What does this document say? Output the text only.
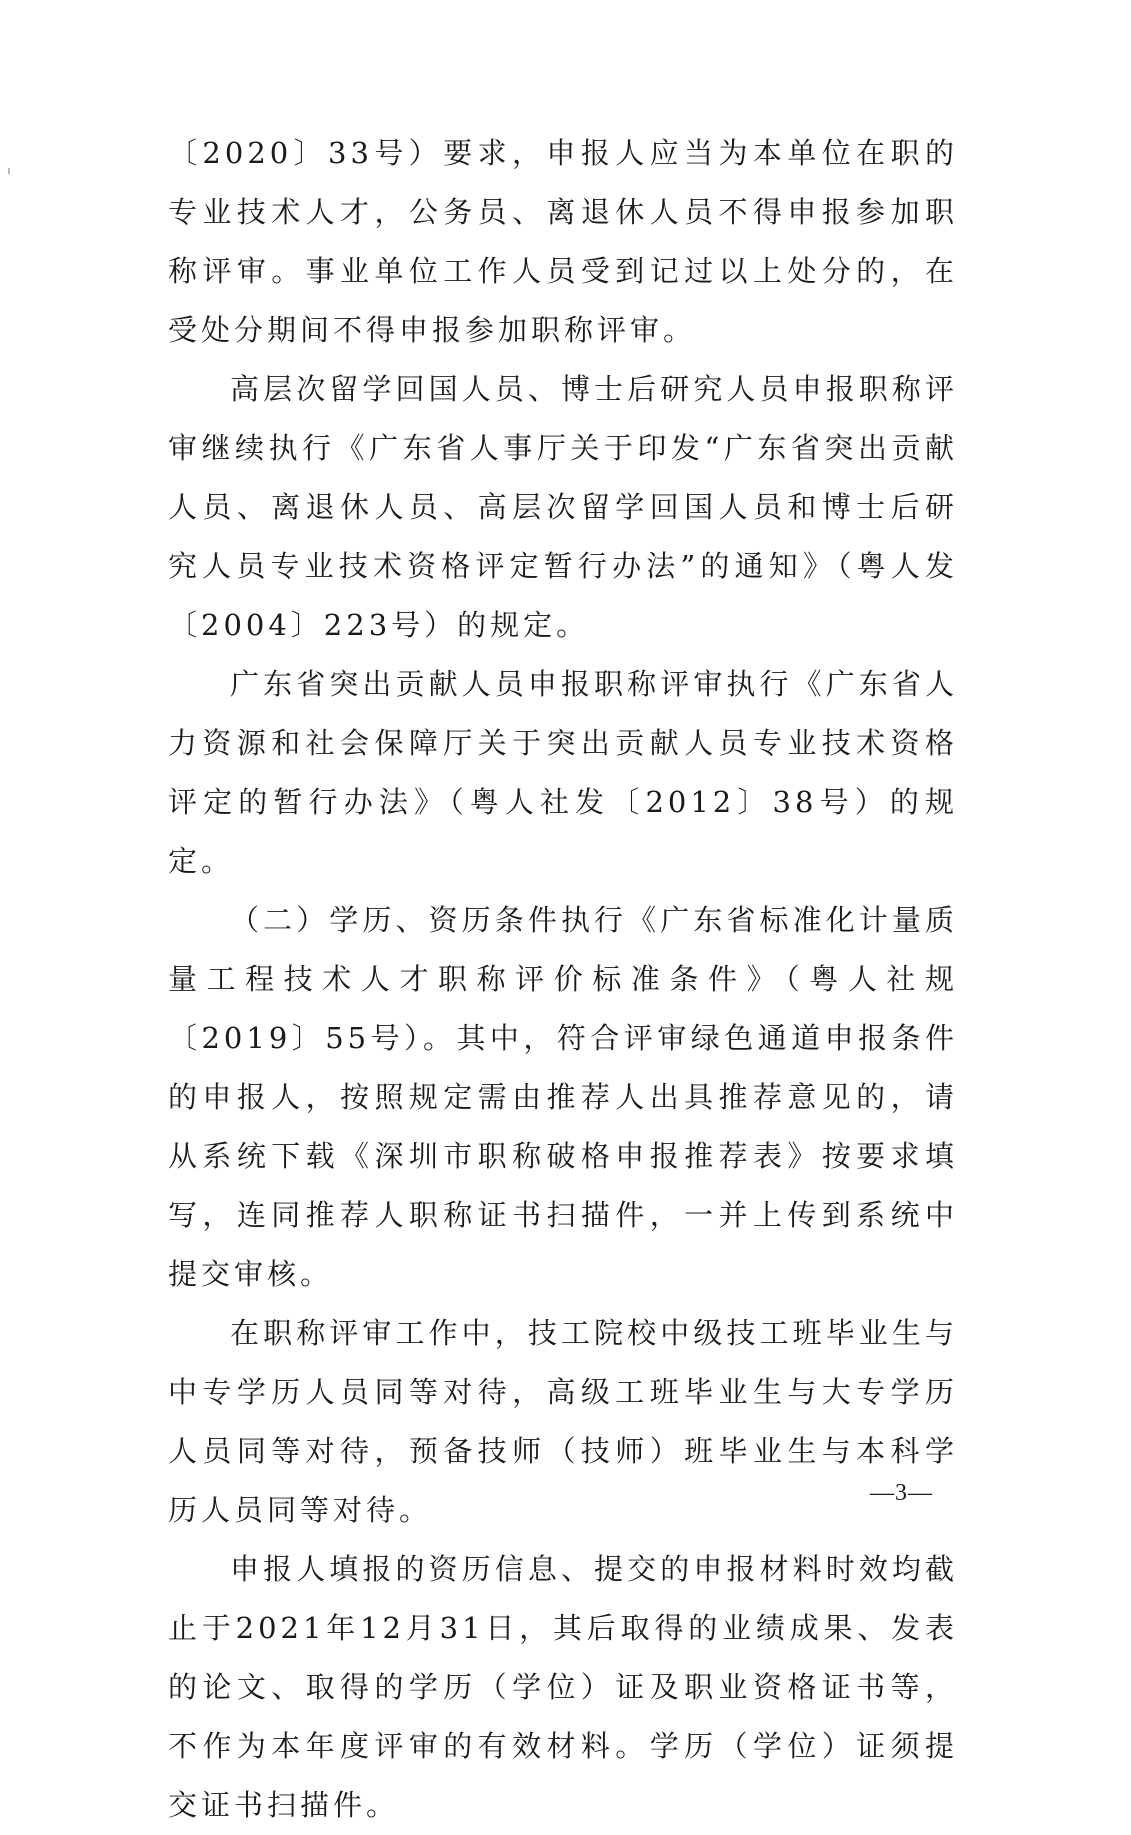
〔2020〕33号）要求，申报人应当为本单位在职的专业技术人才，公务员、离退休人员不得申报参加职称评审。事业单位工作人员受到记过以上处分的，在受处分期间不得申报参加职称评审。

高层次留学回国人员、博士后研究人员申报职称评审继续执行《广东省人事厅关于印发“广东省突出贡献人员、离退休人员、高层次留学回国人员和博士后研究人员专业技术资格评定暂行办法”的通知》（粤人发〔2004〕223号）的规定。

广东省突出贡献人员申报职称评审执行《广东省人力资源和社会保障厅关于突出贡献人员专业技术资格评定的暂行办法》（粤人社发〔2012〕38号）的规定。

（二）学历、资历条件执行《广东省标准化计量质量工程技术人才职称评价标准条件》（粤人社规〔2019〕55号）。其中，符合评审绿色通道申报条件的申报人，按照规定需由推荐人出具推荐意见的，请从系统下载《深圳市职称破格申报推荐表》按要求填写，连同推荐人职称证书扫描件，一并上传到系统中提交审核。

在职称评审工作中，技工院校中级技工班毕业生与中专学历人员同等对待，高级工班毕业生与大专学历人员同等对待，预备技师（技师）班毕业生与本科学历人员同等对待。

申报人填报的资历信息、提交的申报材料时效均截止于2021年12月31日，其后取得的业绩成果、发表的论文、取得的学历（学位）证及职业资格证书等，不作为本年度评审的有效材料。学历（学位）证须提交证书扫描件。

—3—
